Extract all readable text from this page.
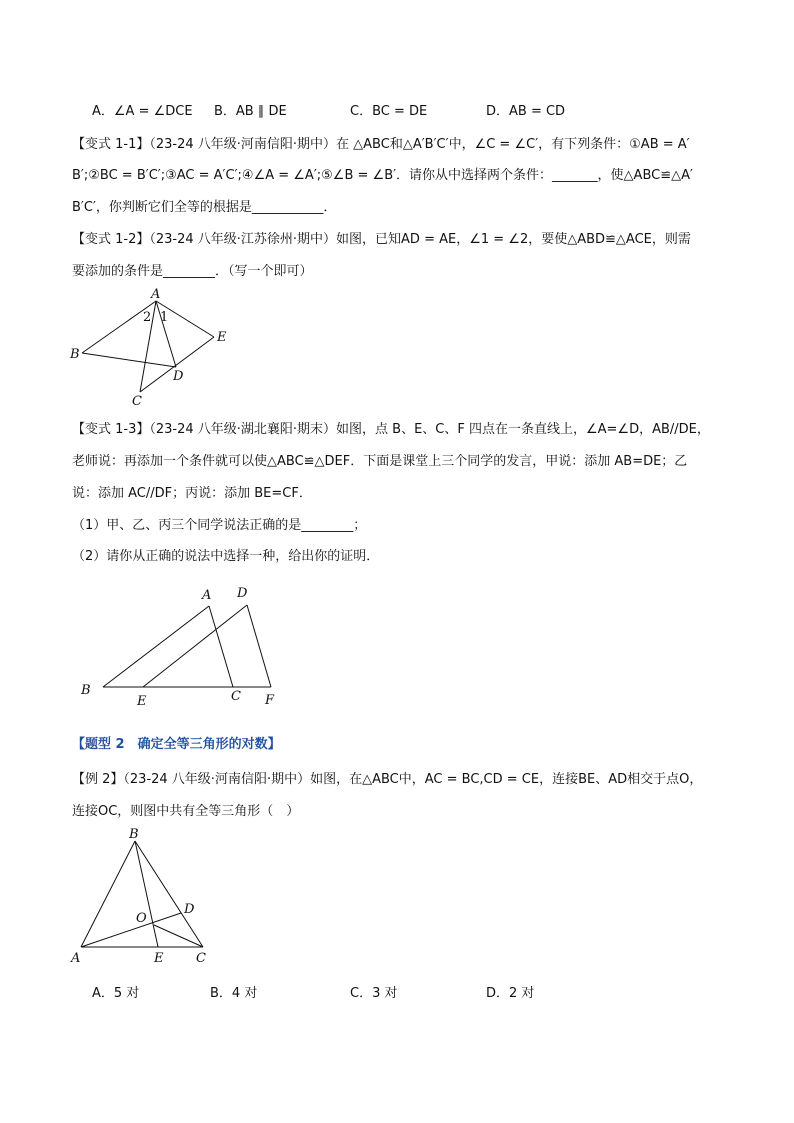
A．∠A = ∠DCE B．AB ∥ DE	C．BC = DE	D．AB = CD
【变式 1-1】（23-24 八年级·河南信阳·期中）在 △ABC和△A′B′C′中，∠C = ∠C′，有下列条件：①AB = A′
B′;②BC = B′C′;③AC = A′C′;④∠A = ∠A′;⑤∠B = ∠B′．请你从中选择两个条件：_______，使△ABC≌△A′
B′C′，你判断它们全等的根据是___________．
【变式 1-2】（23-24 八年级·江苏徐州·期中）如图，已知AD = AE，∠1 = ∠2，要使△ABD≌△ACE，则需
要添加的条件是________．（写一个即可）
A
2 1
E
B
D
C
【变式 1-3】（23-24 八年级·湖北襄阳·期末）如图，点 B、E、C、F 四点在一条直线上，∠A=∠D，AB//DE，
老师说：再添加一个条件就可以使△ABC≌△DEF．下面是课堂上三个同学的发言，甲说：添加 AB=DE；乙
说：添加 AC//DF；丙说：添加 BE=CF．
（1）甲、乙、丙三个同学说法正确的是________；
（2）请你从正确的说法中选择一种，给出你的证明．
A D
B
E	C F
【题型 2　确定全等三角形的对数】
【例 2】（23-24 八年级·河南信阳·期中）如图，在△ABC中，AC = BC,CD = CE，连接BE、AD相交于点O，
连接OC，则图中共有全等三角形（　）
B
O
D
A	E	C
A．5 对	B．4 对	C．3 对	D．2 对
